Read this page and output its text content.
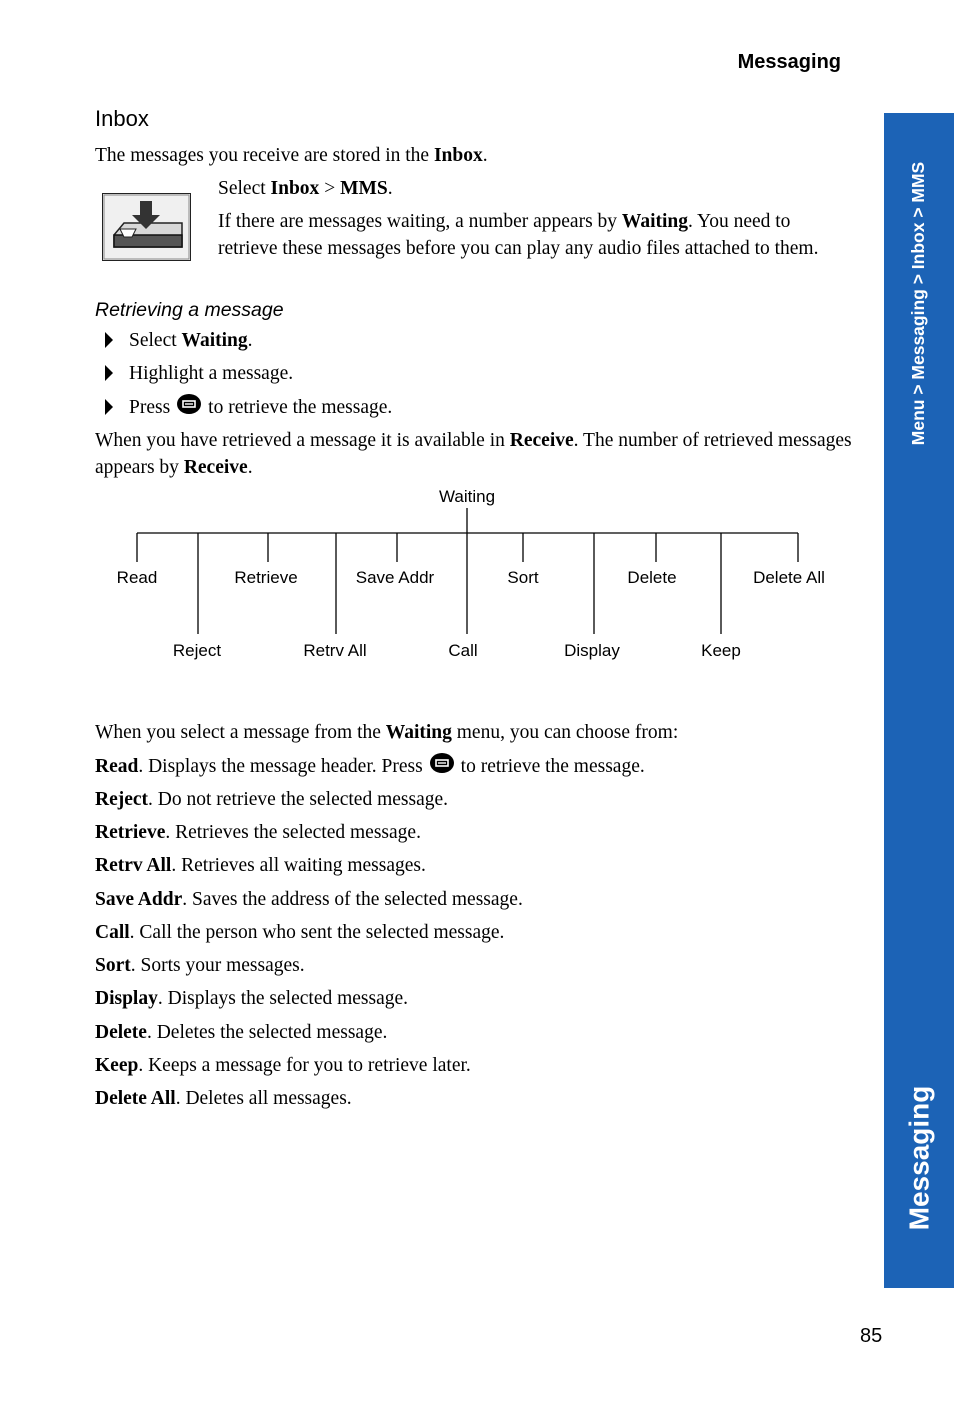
Messaging
Menu > Messaging > Inbox > MMS
Messaging
Inbox
The messages you receive are stored in the Inbox.
Select Inbox > MMS.
If there are messages waiting, a number appears by Waiting. You need to retrieve these messages before you can play any audio files attached to them.
Retrieving a message
Select Waiting.
Highlight a message.
Press to retrieve the message.
When you have retrieved a message it is available in Receive. The number of retrieved messages appears by Receive.
Waiting
Read	Retrieve	Save Addr	Sort	Delete	Delete All
Reject	Retrv All	Call	Display	Keep
When you select a message from the Waiting menu, you can choose from:
Read. Displays the message header. Press to retrieve the message.
Reject. Do not retrieve the selected message.
Retrieve. Retrieves the selected message.
Retrv All. Retrieves all waiting messages.
Save Addr. Saves the address of the selected message.
Call. Call the person who sent the selected message.
Sort. Sorts your messages.
Display. Displays the selected message.
Delete. Deletes the selected message.
Keep. Keeps a message for you to retrieve later.
Delete All. Deletes all messages.
85
